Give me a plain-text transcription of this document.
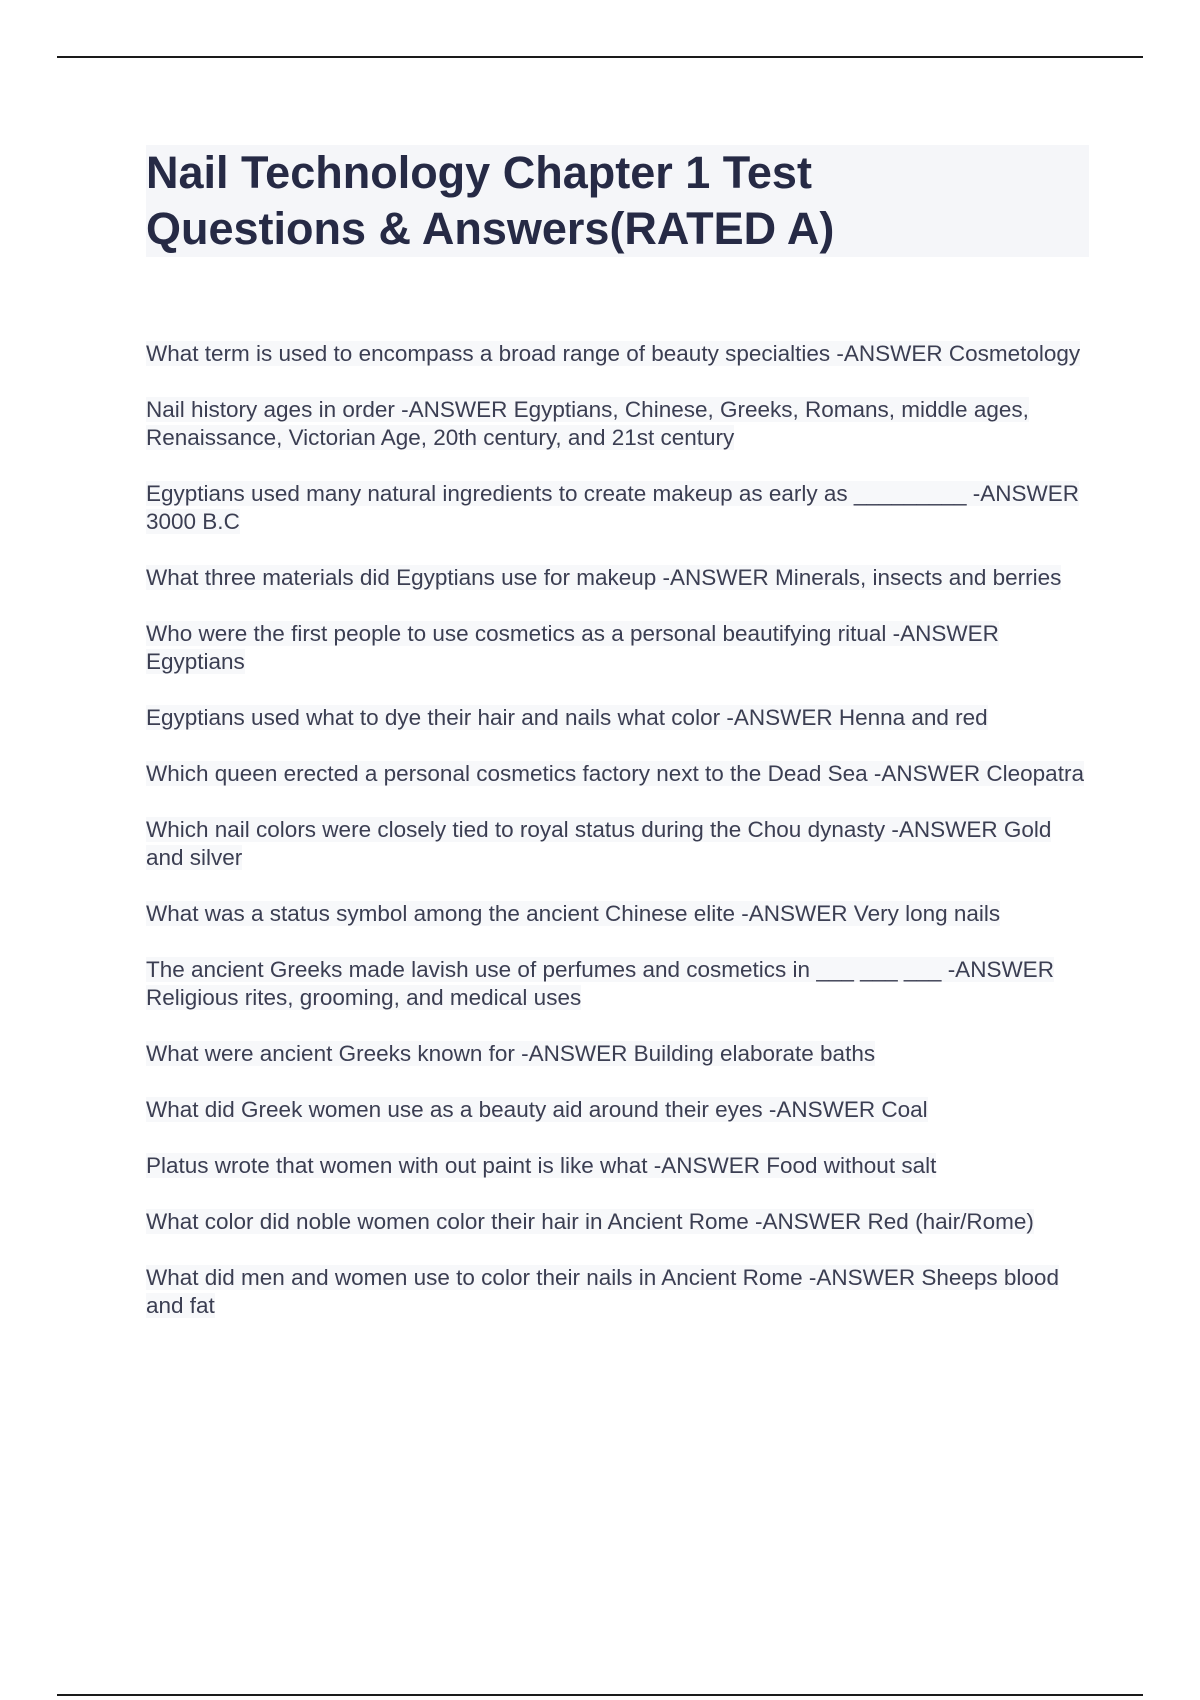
Nail Technology Chapter 1 Test
Questions & Answers(RATED A)

What term is used to encompass a broad range of beauty specialties -ANSWER Cosmetology

Nail history ages in order -ANSWER Egyptians, Chinese, Greeks, Romans, middle ages, Renaissance, Victorian Age, 20th century, and 21st century

Egyptians used many natural ingredients to create makeup as early as _________ -ANSWER 3000 B.C

What three materials did Egyptians use for makeup -ANSWER Minerals, insects and berries

Who were the first people to use cosmetics as a personal beautifying ritual -ANSWER Egyptians

Egyptians used what to dye their hair and nails what color -ANSWER Henna and red

Which queen erected a personal cosmetics factory next to the Dead Sea -ANSWER Cleopatra

Which nail colors were closely tied to royal status during the Chou dynasty -ANSWER Gold and silver

What was a status symbol among the ancient Chinese elite -ANSWER Very long nails

The ancient Greeks made lavish use of perfumes and cosmetics in ___ ___ ___ -ANSWER Religious rites, grooming, and medical uses

What were ancient Greeks known for -ANSWER Building elaborate baths

What did Greek women use as a beauty aid around their eyes -ANSWER Coal

Platus wrote that women with out paint is like what -ANSWER Food without salt

What color did noble women color their hair in Ancient Rome -ANSWER Red (hair/Rome)

What did men and women use to color their nails in Ancient Rome -ANSWER Sheeps blood and fat
